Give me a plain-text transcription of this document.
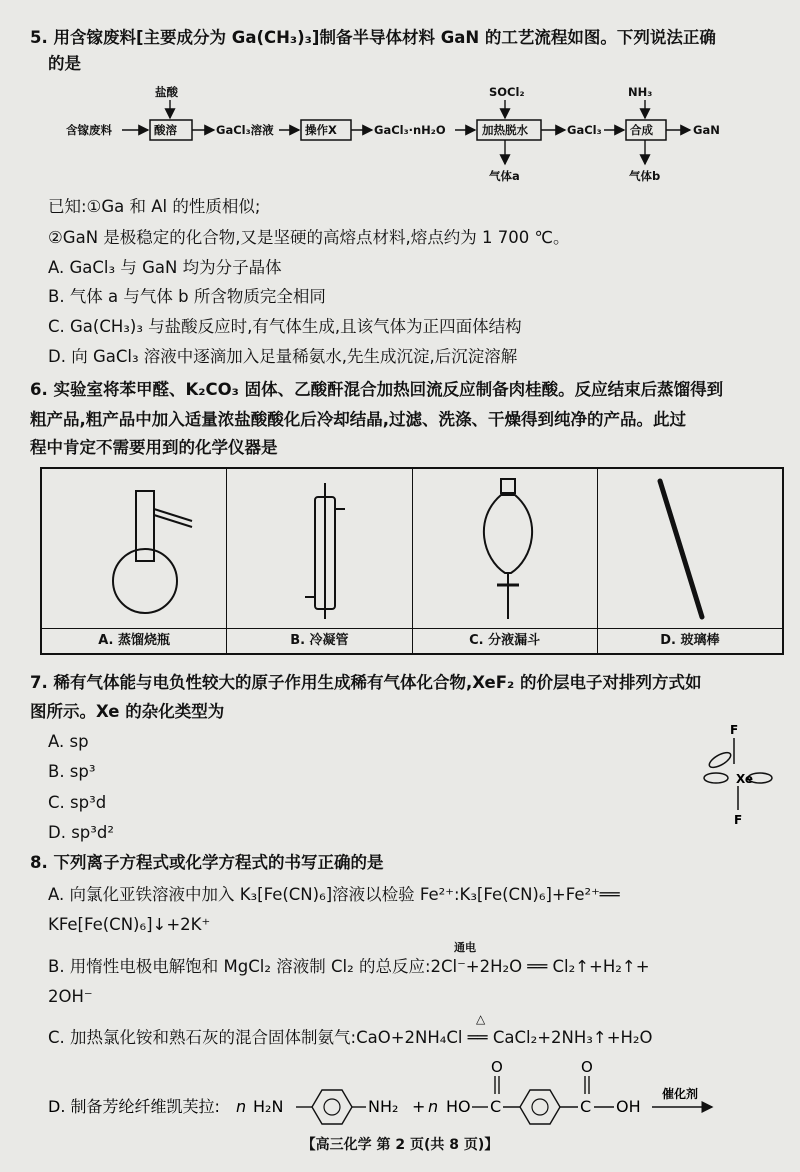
5. 用含镓废料[主要成分为 Ga(CH₃)₃]制备半导体材料 GaN 的工艺流程如图。下列说法正确
的是
含镓废料
盐酸
酸溶	GaCl₃溶液	操作X	GaCl₃·nH₂O
SOCl₂
加热脱水
气体a
GaCl₃
NH₃
合成
气体b
GaN
已知:①Ga 和 Al 的性质相似;
②GaN 是极稳定的化合物,又是坚硬的高熔点材料,熔点约为 1 700 ℃。
A. GaCl₃ 与 GaN 均为分子晶体
B. 气体 a 与气体 b 所含物质完全相同
C. Ga(CH₃)₃ 与盐酸反应时,有气体生成,且该气体为正四面体结构
D. 向 GaCl₃ 溶液中逐滴加入足量稀氨水,先生成沉淀,后沉淀溶解
6. 实验室将苯甲醛、K₂CO₃ 固体、乙酸酐混合加热回流反应制备肉桂酸。反应结束后蒸馏得到
粗产品,粗产品中加入适量浓盐酸酸化后冷却结晶,过滤、洗涤、干燥得到纯净的产品。此过
程中肯定不需要用到的化学仪器是
A. 蒸馏烧瓶	B. 冷凝管	C. 分液漏斗	D. 玻璃棒
7. 稀有气体能与电负性较大的原子作用生成稀有气体化合物,XeF₂ 的价层电子对排列方式如
图所示。Xe 的杂化类型为
A. sp
B. sp³
C. sp³d
D. sp³d²
F
Xe
F
8. 下列离子方程式或化学方程式的书写正确的是
A. 向氯化亚铁溶液中加入 K₃[Fe(CN)₆]溶液以检验 Fe²⁺:K₃[Fe(CN)₆]+Fe²⁺══
KFe[Fe(CN)₆]↓+2K⁺
通电
B. 用惰性电极电解饱和 MgCl₂ 溶液制 Cl₂ 的总反应:2Cl⁻+2H₂O ══ Cl₂↑+H₂↑+
2OH⁻
△
C. 加热氯化铵和熟石灰的混合固体制氨气:CaO+2NH₄Cl ══ CaCl₂+2NH₃↑+H₂O
D. 制备芳纶纤维凯芙拉: n H₂N	NH₂ + n HO C
O
C
O
OH
催化剂
【高三化学 第 2 页(共 8 页)】
